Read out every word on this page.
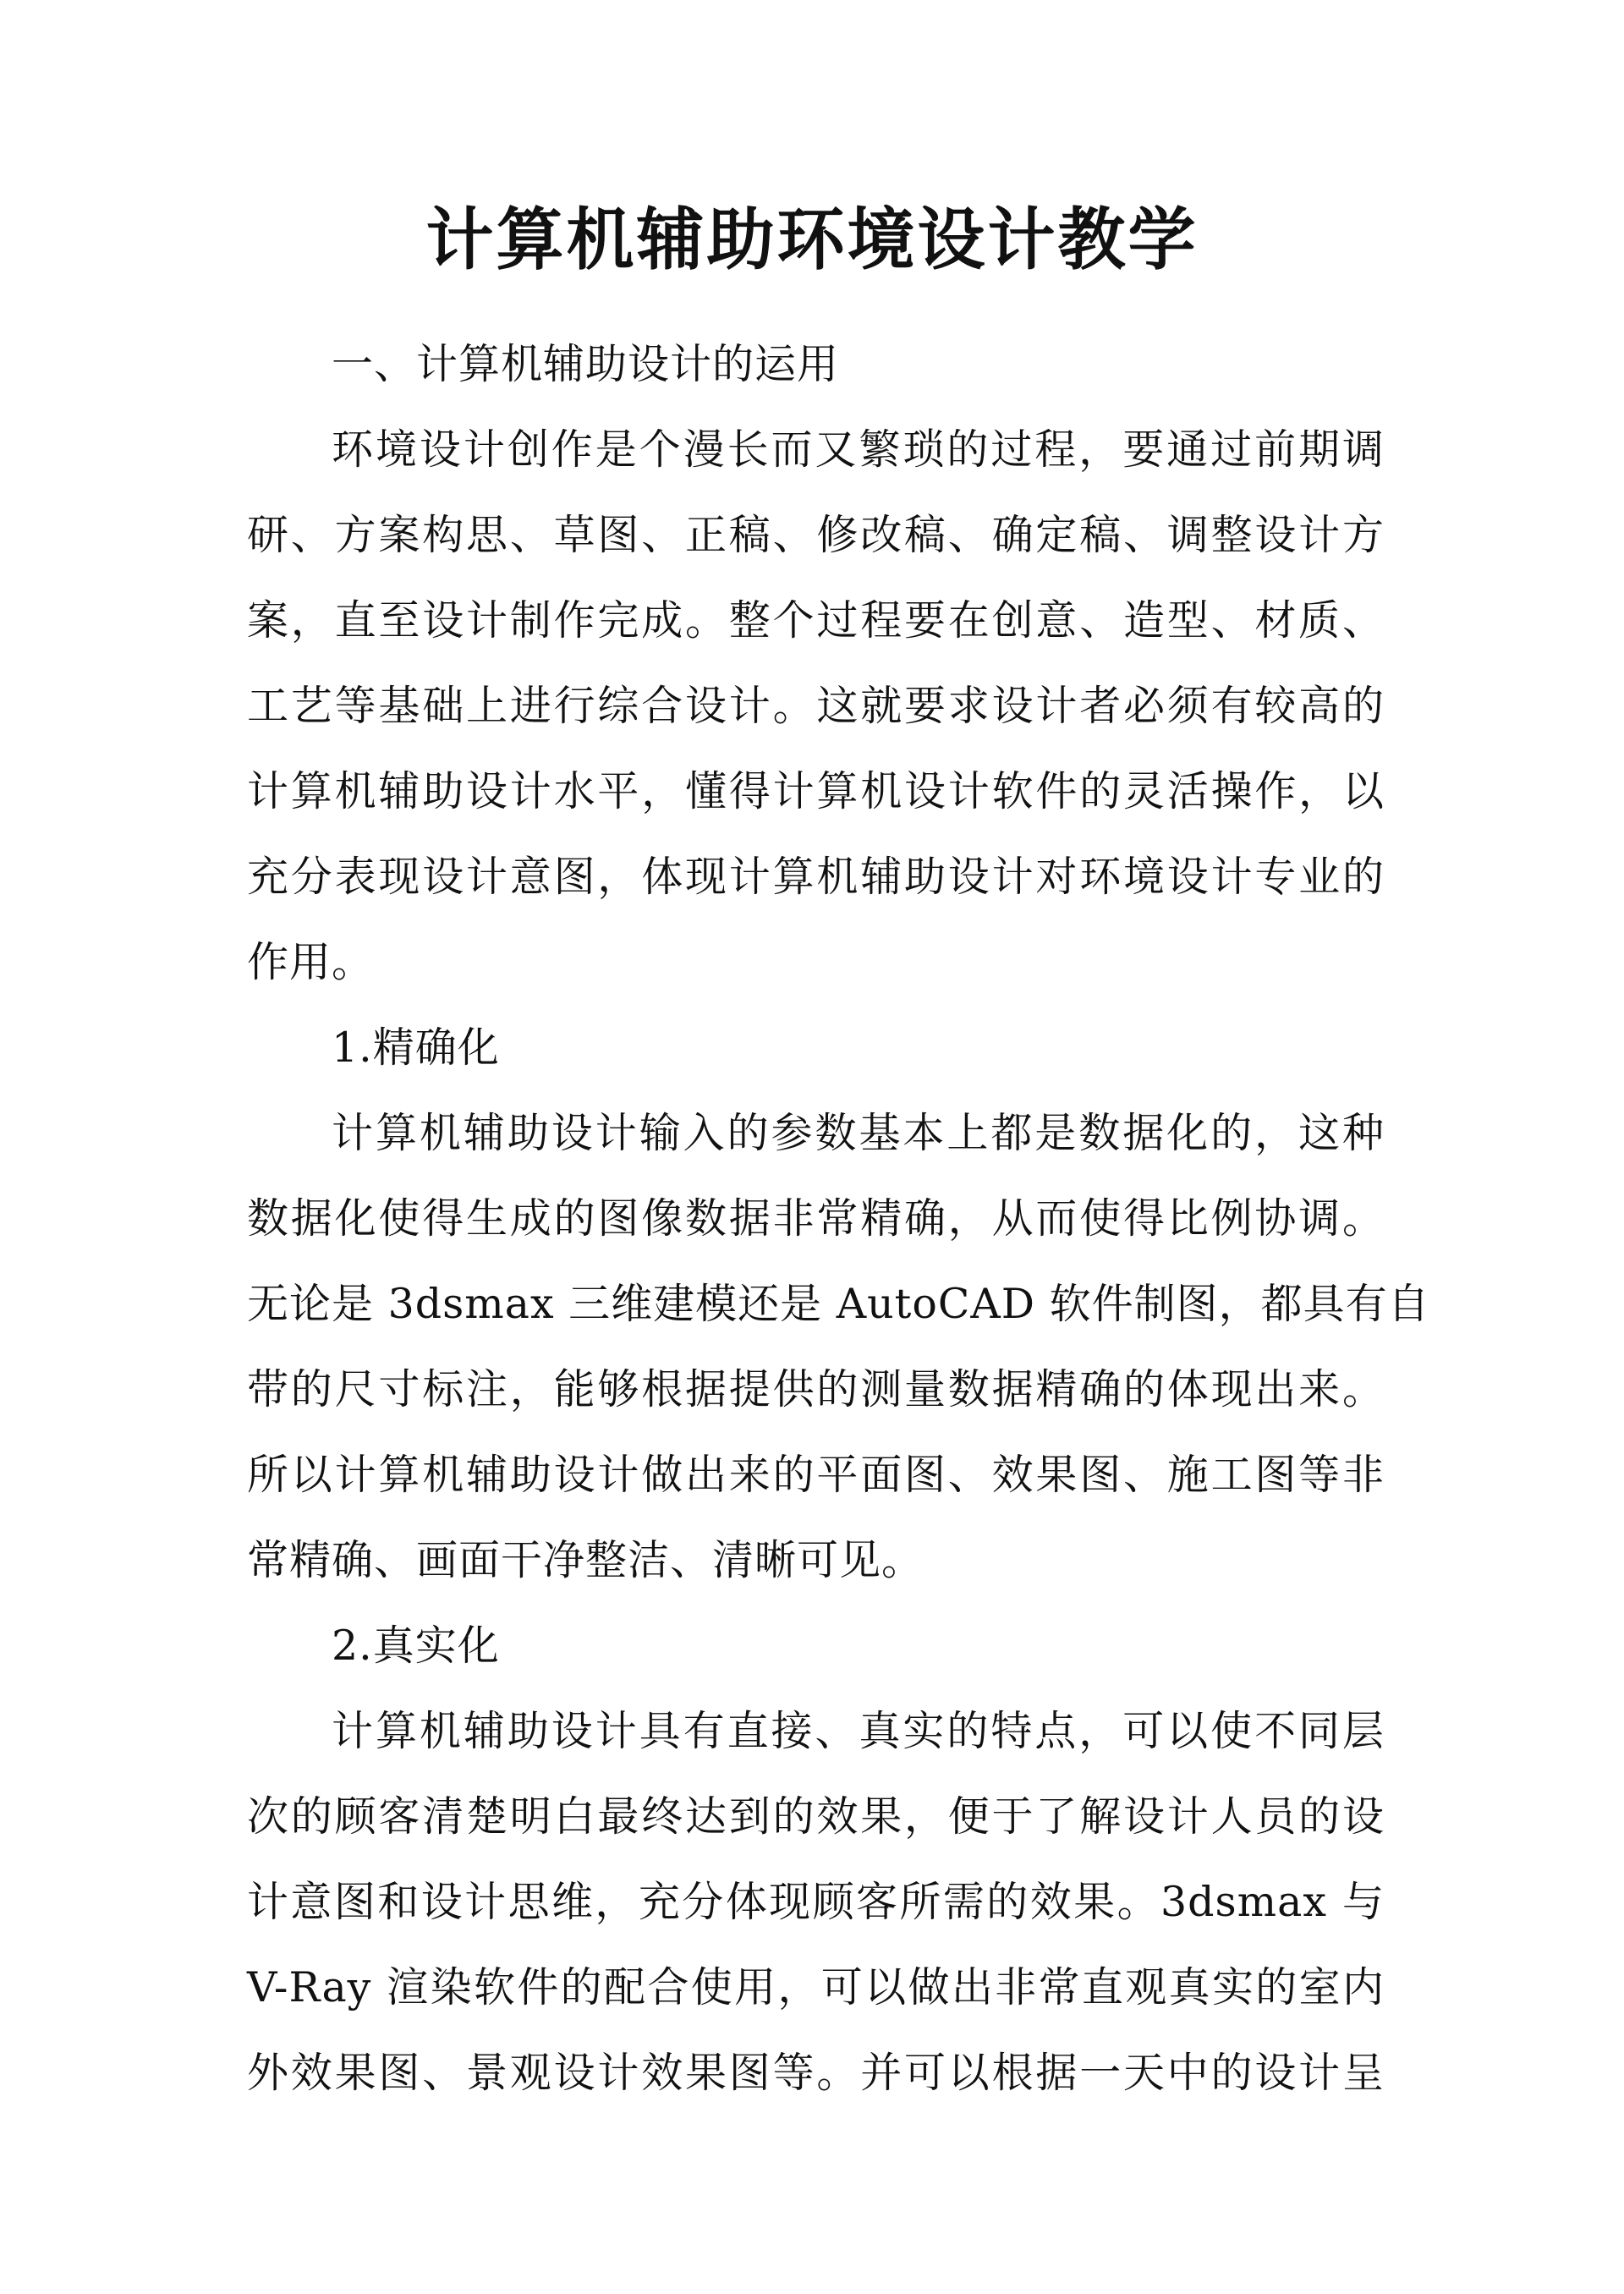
计算机辅助环境设计教学
一、计算机辅助设计的运用
环境设计创作是个漫长而又繁琐的过程，要通过前期调
研、方案构思、草图、正稿、修改稿、确定稿、调整设计方
案，直至设计制作完成。整个过程要在创意、造型、材质、
工艺等基础上进行综合设计。这就要求设计者必须有较高的
计算机辅助设计水平，懂得计算机设计软件的灵活操作，以
充分表现设计意图，体现计算机辅助设计对环境设计专业的
作用。
1.精确化
计算机辅助设计输入的参数基本上都是数据化的，这种
数据化使得生成的图像数据非常精确，从而使得比例协调。
无论是 3dsmax 三维建模还是 AutoCAD 软件制图，都具有自
带的尺寸标注，能够根据提供的测量数据精确的体现出来。
所以计算机辅助设计做出来的平面图、效果图、施工图等非
常精确、画面干净整洁、清晰可见。
2.真实化
计算机辅助设计具有直接、真实的特点，可以使不同层
次的顾客清楚明白最终达到的效果，便于了解设计人员的设
计意图和设计思维，充分体现顾客所需的效果。3dsmax 与
V-Ray 渲染软件的配合使用，可以做出非常直观真实的室内
外效果图、景观设计效果图等。并可以根据一天中的设计呈
